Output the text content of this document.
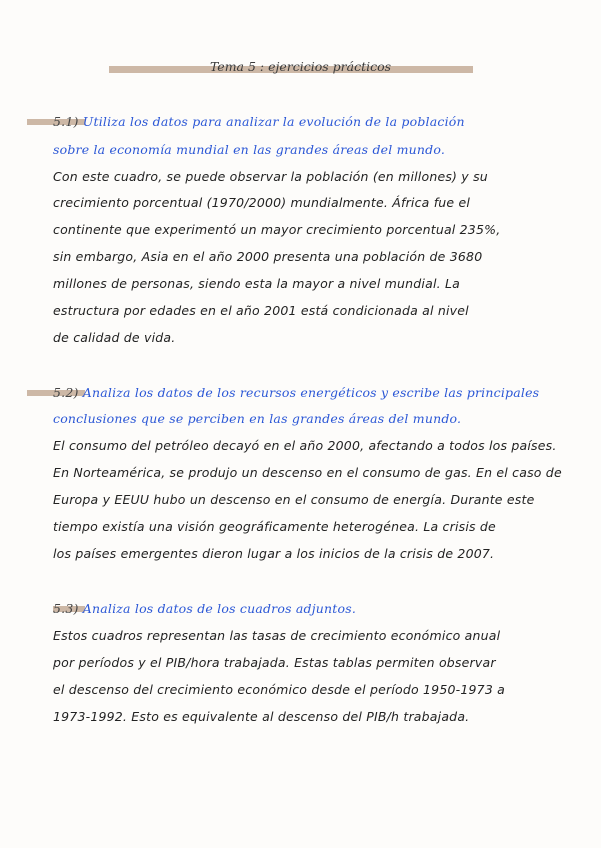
Tema 5 : ejercicios prácticos
5.1) Utiliza los datos para analizar la evolución de la población
sobre la economía mundial en las grandes áreas del mundo.
Con este cuadro, se puede observar la población (en millones) y su
crecimiento porcentual (1970/2000) mundialmente. África fue el
continente que experimentó un mayor crecimiento porcentual 235%,
sin embargo, Asia en el año 2000 presenta una población de 3680
millones de personas, siendo esta la mayor a nivel mundial. La
estructura por edades en el año 2001 está condicionada al nivel
de calidad de vida.
5.2) Analiza los datos de los recursos energéticos y escribe las principales
conclusiones que se perciben en las grandes áreas del mundo.
El consumo del petróleo decayó en el año 2000, afectando a todos los países.
En Norteamérica, se produjo un descenso en el consumo de gas. En el caso de
Europa y EEUU hubo un descenso en el consumo de energía. Durante este
tiempo existía una visión geográficamente heterogénea. La crisis de
los países emergentes dieron lugar a los inicios de la crisis de 2007.
5.3) Analiza los datos de los cuadros adjuntos.
Estos cuadros representan las tasas de crecimiento económico anual
por períodos y el PIB/hora trabajada. Estas tablas permiten observar
el descenso del crecimiento económico desde el período 1950-1973 a
1973-1992. Esto es equivalente al descenso del PIB/h trabajada.
